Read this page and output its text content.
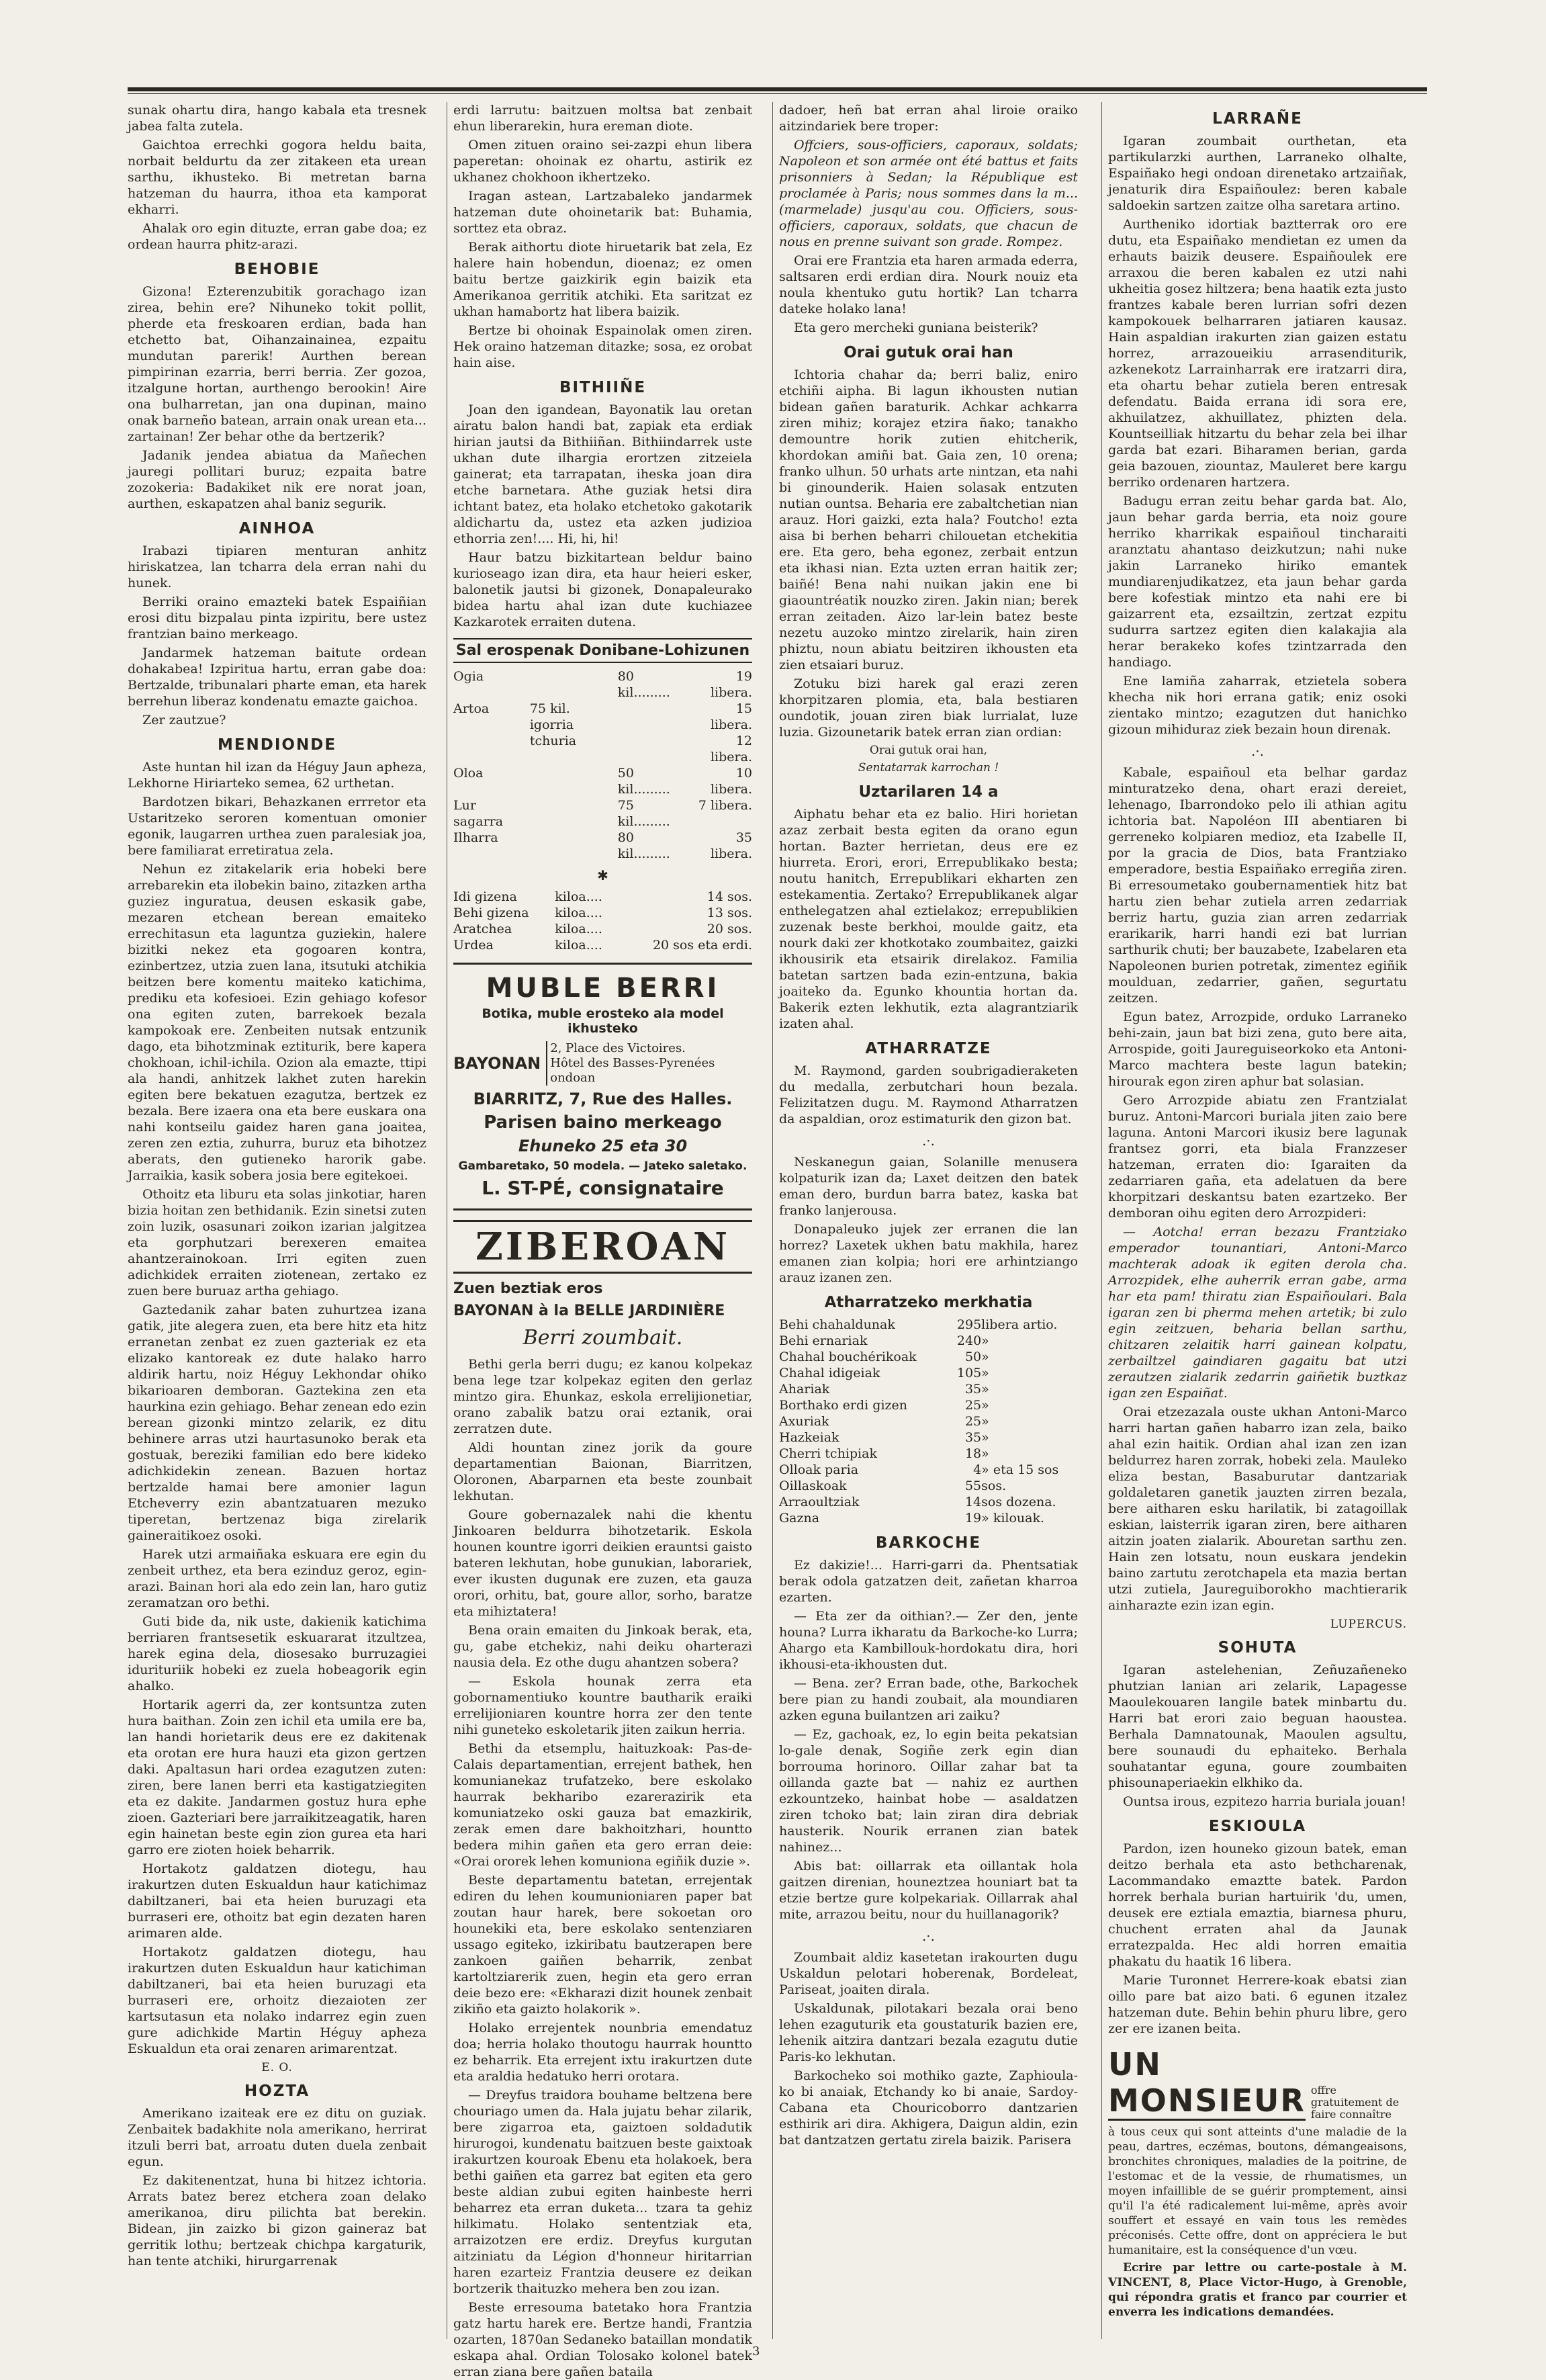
sunak ohartu dira, hango kabala eta tresnek jabea falta zutela.

Gaichtoa errechki gogora heldu baita, norbait beldurtu da zer zitakeen eta urean sarthu, ikhusteko. Bi metretan barna hatzeman du haurra, ithoa eta kamporat ekharri.

Ahalak oro egin dituzte, erran gabe doa; ez ordean haurra phitz-arazi.

BEHOBIE

Gizona! Ezterenzubitik gorachago izan zirea, behin ere? Nihuneko tokit pollit, pherde eta freskoaren erdian, bada han etchetto bat, Oihanzainainea, ezpaitu mundutan parerik! Aurthen berean pimpirinan ezarria, berri berria. Zer gozoa, itzalgune hortan, aurthengo berookin! Aire ona bulharretan, jan ona dupinan, maino onak barneño batean, arrain onak urean eta... zartainan! Zer behar othe da bertzerik?

Jadanik jendea abiatua da Mañechen jauregi pollitari buruz; ezpaita batre zozokeria: Badakiket nik ere norat joan, aurthen, eskapatzen ahal baniz segurik.

AINHOA

Irabazi tipiaren menturan anhitz hiriskatzea, lan tcharra dela erran nahi du hunek.

Berriki oraino emazteki batek Espaiñian erosi ditu bizpalau pinta izpiritu, bere ustez frantzian baino merkeago.

Jandarmek hatzeman baitute ordean dohakabea! Izpiritua hartu, erran gabe doa: Bertzalde, tribunalari pharte eman, eta harek berrehun liberaz kondenatu emazte gaichoa.

Zer zautzue?

MENDIONDE

Aste huntan hil izan da Héguy Jaun apheza, Lekhorne Hiriarteko semea, 62 urthetan.

Bardotzen bikari, Behazkanen errretor eta Ustaritzeko seroren komentuan omonier egonik, laugarren urthea zuen paralesiak joa, bere familiarat erretiratua zela.

Nehun ez zitakelarik eria hobeki bere arrebarekin eta ilobekin baino, zitazken artha guziez inguratua, deusen eskasik gabe, mezaren etchean berean emaiteko errechitasun eta laguntza guziekin, halere bizitki nekez eta gogoaren kontra, ezinbertzez, utzia zuen lana, itsutuki atchikia beitzen bere komentu maiteko katichima, prediku eta kofesioei. Ezin gehiago kofesor ona egiten zuten, barrekoek bezala kampokoak ere. Zenbeiten nutsak entzunik dago, eta bihotzminak eztiturik, bere kapera chokhoan, ichil-ichila. Ozion ala emazte, ttipi ala handi, anhitzek lakhet zuten harekin egiten bere bekatuen ezagutza, bertzek ez bezala. Bere izaera ona eta bere euskara ona nahi kontseilu gaidez haren gana joaitea, zeren zen eztia, zuhurra, buruz eta bihotzez aberats, den gutieneko harorik gabe. Jarraikia, kasik sobera josia bere egitekoei.

Othoitz eta liburu eta solas jinkotiar, haren bizia hoitan zen bethidanik. Ezin sinetsi zuten zoin luzik, osasunari zoikon izarian jalgitzea eta gorphutzari berexeren emaitea ahantzerainokoan. Irri egiten zuen adichkidek erraiten ziotenean, zertako ez zuen bere buruaz artha gehiago.

Gaztedanik zahar baten zuhurtzea izana gatik, jite alegera zuen, eta bere hitz eta hitz erranetan zenbat ez zuen gazteriak ez eta elizako kantoreak ez dute halako harro aldirik hartu, noiz Héguy Lekhondar ohiko bikarioaren demboran. Gaztekina zen eta haurkina ezin gehiago. Behar zenean edo ezin berean gizonki mintzo zelarik, ez ditu behinere arras utzi haurtasunoko berak eta gostuak, bereziki familian edo bere kideko adichkidekin zenean. Bazuen hortaz bertzalde hamai bere amonier lagun Etcheverry ezin abantzatuaren mezuko tiperetan, bertzenaz biga zirelarik gaineraitikoez osoki.

Harek utzi armaiñaka eskuara ere egin du zenbeit urthez, eta bera ezinduz geroz, egin-arazi. Bainan hori ala edo zein lan, haro gutiz zeramatzan oro bethi.

Guti bide da, nik uste, dakienik katichima berriaren frantsesetik eskuararat itzultzea, harek egina dela, diosesako burruzagiei idurituriik hobeki ez zuela hobeagorik egin ahalko.

Hortarik agerri da, zer kontsuntza zuten hura baithan. Zoin zen ichil eta umila ere ba, lan handi horietarik deus ere ez dakitenak eta orotan ere hura hauzi eta gizon gertzen daki. Apaltasun hari ordea ezagutzen zuten: ziren, bere lanen berri eta kastigatziegiten eta ez dakite. Jandarmen gostuz hura ephe zioen. Gazteriari bere jarraikitzeagatik, haren egin hainetan beste egin zion gurea eta hari garro ere zioten hoiek beharrik.

Hortakotz galdatzen diotegu, hau irakurtzen duten Eskualdun haur katichimaz dabiltzaneri, bai eta heien buruzagi eta burraseri ere, othoitz bat egin dezaten haren arimaren alde.

Hortakotz galdatzen diotegu, hau irakurtzen duten Eskualdun haur katichiman dabiltzaneri, bai eta heien buruzagi eta burraseri ere, orhoitz diezaioten zer kartsutasun eta nolako indarrez egin zuen gure adichkide Martin Héguy apheza Eskualdun eta orai zenaren arimarentzat.

E. O.
HOZTA

Amerikano izaiteak ere ez ditu on guziak. Zenbaitek badakhite nola amerikano, herrirat itzuli berri bat, arroatu duten duela zenbait egun.

Ez dakitenentzat, huna bi hitzez ichtoria. Arrats batez berez etchera zoan delako amerikanoa, diru pilichta bat berekin. Bidean, jin zaizko bi gizon gaineraz bat gerritik lothu; bertzeak chichpa kargaturik, han tente atchiki, hirurgarrenak

erdi larrutu: baitzuen moltsa bat zenbait ehun liberarekin, hura ereman diote.

Omen zituen oraino sei-zazpi ehun libera paperetan: ohoinak ez ohartu, astirik ez ukhanez chokhoon ikhertzeko.

Iragan astean, Lartzabaleko jandarmek hatzeman dute ohoinetarik bat: Buhamia, sorttez eta obraz.

Berak aithortu diote hiruetarik bat zela, Ez halere hain hobendun, dioenaz; ez omen baitu bertze gaizkirik egin baizik eta Amerikanoa gerritik atchiki. Eta saritzat ez ukhan hamabortz hat libera baizik.

Bertze bi ohoinak Espainolak omen ziren. Hek oraino hatzeman ditazke; sosa, ez orobat hain aise.

BITHIIÑE

Joan den igandean, Bayonatik lau oretan airatu balon handi bat, zapiak eta erdiak hirian jautsi da Bithiiñan. Bithiindarrek uste ukhan dute ilhargia erortzen zitzeiela gainerat; eta tarrapatan, iheska joan dira etche barnetara. Athe guziak hetsi dira ichtant batez, eta holako etchetoko gakotarik aldichartu da, ustez eta azken judizioa ethorria zen!.... Hi, hi, hi!

Haur batzu bizkitartean beldur baino kurioseago izan dira, eta haur heieri esker, balonetik jautsi bi gizonek, Donapaleurako bidea hartu ahal izan dute kuchiazee Kazkarotek erraiten dutena.

Sal erospenak Donibane-Lohizunen
Ogia		80 kil.........	19 libera.
Artoa	75 kil. igorria		15 libera.
	tchuria		12 libera.
Oloa		50 kil.........	10 libera.
Lur sagarra		75 kil.........	7 libera.
Ilharra		80 kil.........	35 libera.
✱
Idi gizena	kiloa....	14 sos.
Behi gizena	kiloa....	13 sos.
Aratchea	kiloa....	20 sos.
Urdea	kiloa....	20 sos eta erdi.
MUBLE BERRI
Botika, muble erosteko ala model ikhusteko
BAYONAN
2, Place des Victoires.
Hôtel des Basses-Pyrenées ondoan
BIARRITZ, 7, Rue des Halles.
Parisen baino merkeago
Ehuneko 25 eta 30
Gambaretako, 50 modela. — Jateko saletako.
L. ST-PÉ, consignataire
ZIBEROAN
Zuen beztiak eros
BAYONAN à la BELLE JARDINIÈRE
Berri zoumbait.

Bethi gerla berri dugu; ez kanou kolpekaz bena lege tzar kolpekaz egiten den gerlaz mintzo gira. Ehunkaz, eskola errelijionetiar, orano zabalik batzu orai eztanik, orai zerratzen dute.

Aldi hountan zinez jorik da goure departamentian Baionan, Biarritzen, Oloronen, Abarparnen eta beste zounbait lekhutan.

Goure gobernazalek nahi die khentu Jinkoaren beldurra bihotzetarik. Eskola hounen kountre igorri deikien erauntsi gaisto bateren lekhutan, hobe gunukian, laborariek, ever ikusten dugunak ere zuzen, eta gauza orori, orhitu, bat, goure allor, sorho, baratze eta mihiztatera!

Bena orain emaiten du Jinkoak berak, eta, gu, gabe etchekiz, nahi deiku oharterazi nausia dela. Ez othe dugu ahantzen sobera?

— Eskola hounak zerra eta gobornamentiuko kountre bautharik eraiki errelijioniaren kountre horra zer den tente nihi guneteko eskoletarik jiten zaikun herria.

Bethi da etsemplu, haituzkoak: Pas-de-Calais departamentian, errejent bathek, hen komunianekaz trufatzeko, bere eskolako haurrak bekharibo ezarerazirik eta komuniatzeko oski gauza bat emazkirik, zerak emen dare bakhoitzhari, hountto bedera mihin gañen eta gero erran deie: «Orai ororek lehen komuniona egiñik duzie ».

Beste departamentu batetan, errejentak ediren du lehen koumunioniaren paper bat zoutan haur harek, bere sokoetan oro hounekiki eta, bere eskolako sentenziaren ussago egiteko, izkiribatu bautzerapen bere zankoen gaiñen beharrik, zenbat kartoltziarerik zuen, hegin eta gero erran deie bezo ere: «Ekharazi dizit hounek zenbait zikiño eta gaizto holakorik ».

Holako errejentek nounbria emendatuz doa; herria holako thoutogu haurrak hountto ez beharrik. Eta errejent ixtu irakurtzen dute eta araldia hedatuko herri orotara.

— Dreyfus traidora bouhame beltzena bere chouriago umen da. Hala jujatu behar zilarik, bere zigarroa eta, gaiztoen soldadutik hirurogoi, kundenatu baitzuen beste gaixtoak irakurtzen kouroak Ebenu eta holakoek, bera bethi gaiñen eta garrez bat egiten eta gero beste aldian zubui egiten hainbeste herri beharrez eta erran duketa... tzara ta gehiz hilkimatu. Holako sententziak eta, arraizotzen ere erdiz. Dreyfus kurgutan aitziniatu da Légion d'honneur hiritarrian haren ezarteiz Frantzia deusere ez deikan bortzerik thaituzko mehera ben zou izan.

Beste erresouma batetako hora Frantzia gatz hartu harek ere. Bertze handi, Frantzia ozarten, 1870an Sedaneko bataillan mondatik eskapa ahal. Ordian Tolosako kolonel batek erran ziana bere gañen bataila

dadoer, heñ bat erran ahal liroie oraiko aitzindariek bere troper:

Offciers, sous-officiers, caporaux, soldats; Napoleon et son armée ont été battus et faits prisonniers à Sedan; la République est proclamée à Paris; nous sommes dans la m... (marmelade) jusqu'au cou. Officiers, sous-officiers, caporaux, soldats, que chacun de nous en prenne suivant son grade. Rompez.

Orai ere Frantzia eta haren armada ederra, saltsaren erdi erdian dira. Nourk nouiz eta noula khentuko gutu hortik? Lan tcharra dateke holako lana!

Eta gero mercheki guniana beisterik?

Orai gutuk orai han

Ichtoria chahar da; berri baliz, eniro etchiñi aipha. Bi lagun ikhousten nutian bidean gañen baraturik. Achkar achkarra ziren mihiz; korajez etzira ñako; tanakho demountre horik zutien ehitcherik, khordokan amiñi bat. Gaia zen, 10 orena; franko ulhun. 50 urhats arte nintzan, eta nahi bi ginounderik. Haien solasak entzuten nutian ountsa. Beharia ere zabaltchetian nian arauz. Hori gaizki, ezta hala? Foutcho! ezta aisa bi berhen beharri chilouetan etchekitia ere. Eta gero, beha egonez, zerbait entzun eta ikhasi nian. Ezta uzten erran haitik zer; baiñé! Bena nahi nuikan jakin ene bi giaountréatik nouzko ziren. Jakin nian; berek erran zeitaden. Aizo lar-lein batez beste nezetu auzoko mintzo zirelarik, hain ziren phiztu, noun abiatu beitziren ikhousten eta zien etsaiari buruz.

Zotuku bizi harek gal erazi zeren khorpitzaren plomia, eta, bala bestiaren oundotik, jouan ziren biak lurrialat, luze luzia. Gizounetarik batek erran zian ordian:

Orai gutuk orai han,

Sentatarrak karrochan !

Uztarilaren 14 a

Aiphatu behar eta ez balio. Hiri horietan azaz zerbait besta egiten da orano egun hortan. Bazter herrietan, deus ere ez hiurreta. Erori, erori, Errepublikako besta; noutu hanitch, Errepublikari ekharten zen estekamentia. Zertako? Errepublikanek algar enthelegatzen ahal eztielakoz; errepublikien zuzenak beste berkhoi, moulde gaitz, eta nourk daki zer khotkotako zoumbaitez, gaizki ikhousirik eta etsairik direlakoz. Familia batetan sartzen bada ezin-entzuna, bakia joaiteko da. Egunko khountia hortan da. Bakerik ezten lekhutik, ezta alagrantziarik izaten ahal.

ATHARRATZE

M. Raymond, garden soubrigadieraketen du medalla, zerbutchari houn bezala. Felizitatzen dugu. M. Raymond Atharratzen da aspaldian, oroz estimaturik den gizon bat.

.·.

Neskanegun gaian, Solanille menusera kolpaturik izan da; Laxet deitzen den batek eman dero, burdun barra batez, kaska bat franko lanjerousa.

Donapaleuko jujek zer erranen die lan horrez? Laxetek ukhen batu makhila, harez emanen zian kolpia; hori ere arhintziango arauz izanen zen.

Atharratzeko merkhatia
Behi chahaldunak	295	libera artio.
Behi ernariak	240	»
Chahal bouchérikoak	50	»
Chahal idigeiak	105	»
Ahariak	35	»
Borthako erdi gizen	25	»
Axuriak	25	»
Hazkeiak	35	»
Cherri tchipiak	18	»
Olloak paria	4	» eta 15 sos
Oillaskoak	55	sos.
Arraoultziak	14	sos dozena.
Gazna	19	» kilouak.
BARKOCHE

Ez dakizie!... Harri-garri da. Phentsatiak berak odola gatzatzen deit, zañetan kharroa ezarten.

— Eta zer da oithian?.— Zer den, jente houna? Lurra ikharatu da Barkoche-ko Lurra; Ahargo eta Kambillouk-hordokatu dira, hori ikhousi-eta-ikhousten dut.

— Bena. zer? Erran bade, othe, Barkochek bere pian zu handi zoubait, ala moundiaren azken eguna builantzen ari zaiku?

— Ez, gachoak, ez, lo egin beita pekatsian lo-gale denak, Sogiñe zerk egin dian borrouma horinoro. Oillar zahar bat ta oillanda gazte bat — nahiz ez aurthen ezkountzeko, hainbat hobe — asaldatzen ziren tchoko bat; lain ziran dira debriak hausterik. Nourik erranen zian batek nahinez...

Abis bat: oillarrak eta oillantak hola gaitzen direnian, houneztzea houniart bat ta etzie bertze gure kolpekariak. Oillarrak ahal mite, arrazou beitu, nour du huillanagorik?

.·.

Zoumbait aldiz kasetetan irakourten dugu Uskaldun pelotari hoberenak, Bordeleat, Pariseat, joaiten dirala.

Uskaldunak, pilotakari bezala orai beno lehen ezaguturik eta goustaturik bazien ere, lehenik aitzira dantzari bezala ezagutu dutie Paris-ko lekhutan.

Barkocheko soi mothiko gazte, Zaphioula-ko bi anaiak, Etchandy ko bi anaie, Sardoy-Cabana eta Chouricoborro dantzarien esthirik ari dira. Akhigera, Daigun aldin, ezin bat dantzatzen gertatu zirela baizik. Parisera

LARRAÑE

Igaran zoumbait ourthetan, eta partikularzki aurthen, Larraneko olhalte, Espaiñako hegi ondoan direnetako artzaiñak, jenaturik dira Espaiñoulez: beren kabale saldoekin sartzen zaitze olha saretara artino.

Aurtheniko idortiak baztterrak oro ere dutu, eta Espaiñako mendietan ez umen da erhauts baizik deusere. Espaiñoulek ere arraxou die beren kabalen ez utzi nahi ukheitia gosez hiltzera; bena haatik ezta justo frantzes kabale beren lurrian sofri dezen kampokouek belharraren jatiaren kausaz. Hain aspaldian irakurten zian gaizen estatu horrez, arrazoueikiu arrasenditurik, azkenekotz Larrainharrak ere iratzarri dira, eta ohartu behar zutiela beren entresak defendatu. Baida errana idi sora ere, akhuilatzez, akhuillatez, phizten dela. Kountseilliak hitzartu du behar zela bei ilhar garda bat ezari. Biharamen berian, garda geia bazouen, ziountaz, Mauleret bere kargu berriko ordenaren hartzera.

Badugu erran zeitu behar garda bat. Alo, jaun behar garda berria, eta noiz goure herriko kharrikak espaiñoul tincharaiti aranztatu ahantaso deizkutzun; nahi nuke jakin Larraneko hiriko emantek mundiarenjudikatzez, eta jaun behar garda bere kofestiak mintzo eta nahi ere bi gaizarrent eta, ezsailtzin, zertzat ezpitu sudurra sartzez egiten dien kalakajia ala herar berakeko kofes tzintzarrada den handiago.

Ene lamiña zaharrak, etzietela sobera khecha nik hori errana gatik; eniz osoki zientako mintzo; ezagutzen dut hanichko gizoun mihiduraz ziek bezain houn direnak.

.·.

Kabale, espaiñoul eta belhar gardaz minturatzeko dena, ohart erazi dereiet, lehenago, Ibarrondoko pelo ili athian agitu ichtoria bat. Napoléon III abentiaren bi gerreneko kolpiaren medioz, eta Izabelle II, por la gracia de Dios, bata Frantziako emperadore, bestia Espaiñako erregiña ziren. Bi erresoumetako goubernamentiek hitz bat hartu zien behar zutiela arren zedarriak berriz hartu, guzia zian arren zedarriak erarikarik, harri handi ezi bat lurrian sarthurik chuti; ber bauzabete, Izabelaren eta Napoleonen burien potretak, zimentez egiñik moulduan, zedarrier, gañen, segurtatu zeitzen.

Egun batez, Arrozpide, orduko Larraneko behi-zain, jaun bat bizi zena, guto bere aita, Arrospide, goiti Jaureguiseorkoko eta Antoni-Marco machtera beste lagun batekin; hirourak egon ziren aphur bat solasian.

Gero Arrozpide abiatu zen Frantzialat buruz. Antoni-Marcori buriala jiten zaio bere laguna. Antoni Marcori ikusiz bere lagunak frantsez gorri, eta biala Franzzeser hatzeman, erraten dio: Igaraiten da zedarriaren gaña, eta adelatuen da bere khorpitzari deskantsu baten ezartzeko. Ber demboran oihu egiten dero Arrozpideri:

— Aotcha! erran bezazu Frantziako emperador tounantiari, Antoni-Marco machterak adoak ik egiten derola cha. Arrozpidek, elhe auherrik erran gabe, arma har eta pam! thiratu zian Espaiñoulari. Bala igaran zen bi pherma mehen artetik; bi zulo egin zeitzuen, beharia bellan sarthu, chitzaren zelaitik harri gainean kolpatu, zerbailtzel gaindiaren gagaitu bat utzi zerautzen zialarik zedarrin gaiñetik buztkaz igan zen Espaiñat.

Orai etzezazala ouste ukhan Antoni-Marco harri hartan gañen habarro izan zela, baiko ahal ezin haitik. Ordian ahal izan zen izan beldurrez haren zorrak, hobeki zela. Mauleko eliza bestan, Basaburutar dantzariak goldaletaren ganetik jauzten zirren bezala, bere aitharen esku harilatik, bi zatagoillak eskian, laisterrik igaran ziren, bere aitharen aitzin joaten zialarik. Abouretan sarthu zen. Hain zen lotsatu, noun euskara jendekin baino zartutu zerotchapela eta mazia bertan utzi zutiela, Jaureguiborokho machtierarik ainharazte ezin izan egin.

LUPERCUS.
SOHUTA

Igaran astelehenian, Zeñuzañeneko phutzian lanian ari zelarik, Lapagesse Maoulekouaren langile batek minbartu du. Harri bat erori zaio beguan haoustea. Berhala Damnatounak, Maoulen agsultu, bere sounaudi du ephaiteko. Berhala souhatantar eguna, goure zoumbaiten phisounaperiaekin elkhiko da.

Ountsa irous, ezpitezo harria buriala jouan!

ESKIOULA

Pardon, izen houneko gizoun batek, eman deitzo berhala eta asto bethcharenak, Lacommandako emaztte batek. Pardon horrek berhala burian hartuirik 'du, umen, deusek ere eztiala emaztia, biarnesa phuru, chuchent erraten ahal da Jaunak erratezpalda. Hec aldi horren emaitia phakatu du haatik 16 libera.

Marie Turonnet Herrere-koak ebatsi zian oillo pare bat aizo bati. 6 egunen itzalez hatzeman dute. Behin behin phuru libre, gero zer ere izanen beita.

UN MONSIEUR offre gratuitement de faire connaître

à tous ceux qui sont atteints d'une maladie de la peau, dartres, eczémas, boutons, démangeaisons, bronchites chroniques, maladies de la poitrine, de l'estomac et de la vessie, de rhumatismes, un moyen infaillible de se guérir promptement, ainsi qu'il l'a été radicalement lui-même, après avoir souffert et essayé en vain tous les remèdes préconisés. Cette offre, dont on appréciera le but humanitaire, est la conséquence d'un vœu.

Ecrire par lettre ou carte-postale à M. VINCENT, 8, Place Victor-Hugo, à Grenoble, qui répondra gratis et franco par courrier et enverra les indications demandées.

3
